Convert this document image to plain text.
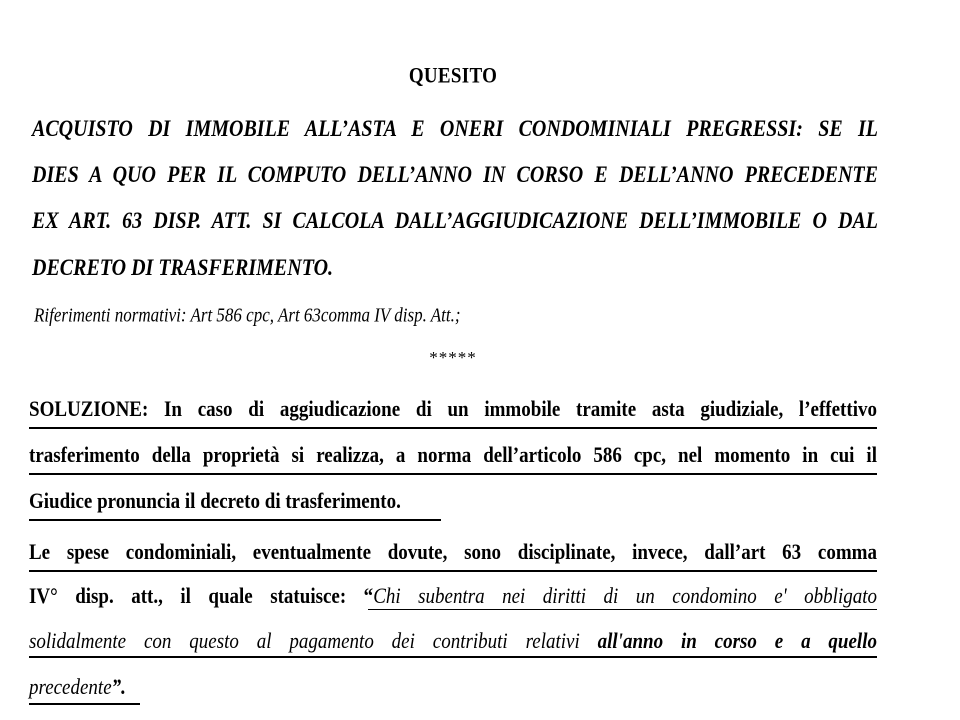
QUESITO
ACQUISTO DI IMMOBILE ALL’ASTA E ONERI CONDOMINIALI PREGRESSI: SE IL
DIES A QUO PER IL COMPUTO DELL’ANNO IN CORSO E DELL’ANNO PRECEDENTE
EX ART. 63 DISP. ATT. SI CALCOLA DALL’AGGIUDICAZIONE DELL’IMMOBILE O DAL
DECRETO DI TRASFERIMENTO.
Riferimenti normativi: Art 586 cpc, Art 63comma IV disp. Att.;
*****
SOLUZIONE: In caso di aggiudicazione di un immobile tramite asta giudiziale, l’effettivo
trasferimento della proprietà si realizza, a norma dell’articolo 586 cpc, nel momento in cui il
Giudice pronuncia il decreto di trasferimento.
Le spese condominiali, eventualmente dovute, sono disciplinate, invece, dall’art 63 comma
IV° disp. att., il quale statuisce: “Chi subentra nei diritti di un condomino e' obbligato
solidalmente con questo al pagamento dei contributi relativi all'anno in corso e a quello
precedente”.
